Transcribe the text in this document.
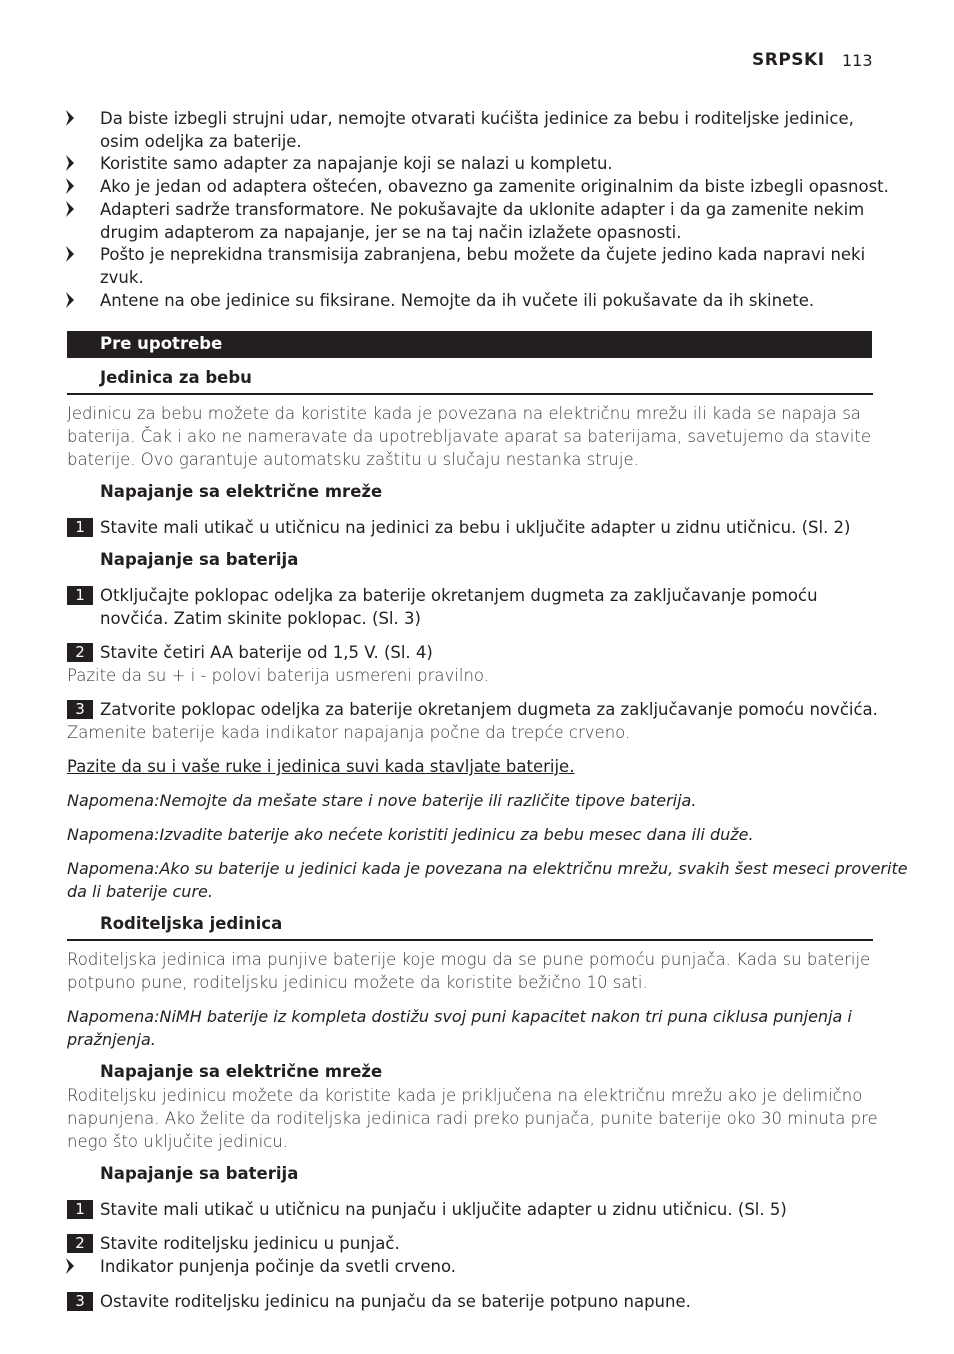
SRPSKI 113
Da biste izbegli strujni udar, nemojte otvarati kućišta jedinice za bebu i roditeljske jedinice,
osim odeljka za baterije.
Koristite samo adapter za napajanje koji se nalazi u kompletu.
Ako je jedan od adaptera oštećen, obavezno ga zamenite originalnim da biste izbegli opasnost.
Adapteri sadrže transformatore. Ne pokušavajte da uklonite adapter i da ga zamenite nekim
drugim adapterom za napajanje, jer se na taj način izlažete opasnosti.
Pošto je neprekidna transmisija zabranjena, bebu možete da čujete jedino kada napravi neki
zvuk.
Antene na obe jedinice su fiksirane. Nemojte da ih vučete ili pokušavate da ih skinete.
Pre upotrebe
Jedinica za bebu
Jedinicu za bebu možete da koristite kada je povezana na električnu mrežu ili kada se napaja sa
baterija. Čak i ako ne nameravate da upotrebljavate aparat sa baterijama, savetujemo da stavite
baterije. Ovo garantuje automatsku zaštitu u slučaju nestanka struje.
Napajanje sa električne mreže
1 Stavite mali utikač u utičnicu na jedinici za bebu i uključite adapter u zidnu utičnicu. (Sl. 2)
Napajanje sa baterija
1 Otključajte poklopac odeljka za baterije okretanjem dugmeta za zaključavanje pomoću
novčića. Zatim skinite poklopac. (Sl. 3)
2 Stavite četiri AA baterije od 1,5 V. (Sl. 4)
Pazite da su + i - polovi baterija usmereni pravilno.
3 Zatvorite poklopac odeljka za baterije okretanjem dugmeta za zaključavanje pomoću novčića.
Zamenite baterije kada indikator napajanja počne da trepće crveno.
Pazite da su i vaše ruke i jedinica suvi kada stavljate baterije.
Napomena:Nemojte da mešate stare i nove baterije ili različite tipove baterija.
Napomena:Izvadite baterije ako nećete koristiti jedinicu za bebu mesec dana ili duže.
Napomena:Ako su baterije u jedinici kada je povezana na električnu mrežu, svakih šest meseci proverite
da li baterije cure.
Roditeljska jedinica
Roditeljska jedinica ima punjive baterije koje mogu da se pune pomoću punjača. Kada su baterije
potpuno pune, roditeljsku jedinicu možete da koristite bežično 10 sati.
Napomena:NiMH baterije iz kompleta dostižu svoj puni kapacitet nakon tri puna ciklusa punjenja i
pražnjenja.
Napajanje sa električne mreže
Roditeljsku jedinicu možete da koristite kada je priključena na električnu mrežu ako je delimično
napunjena. Ako želite da roditeljska jedinica radi preko punjača, punite baterije oko 30 minuta pre
nego što uključite jedinicu.
Napajanje sa baterija
1 Stavite mali utikač u utičnicu na punjaču i uključite adapter u zidnu utičnicu. (Sl. 5)
2 Stavite roditeljsku jedinicu u punjač.
Indikator punjenja počinje da svetli crveno.
3 Ostavite roditeljsku jedinicu na punjaču da se baterije potpuno napune.
